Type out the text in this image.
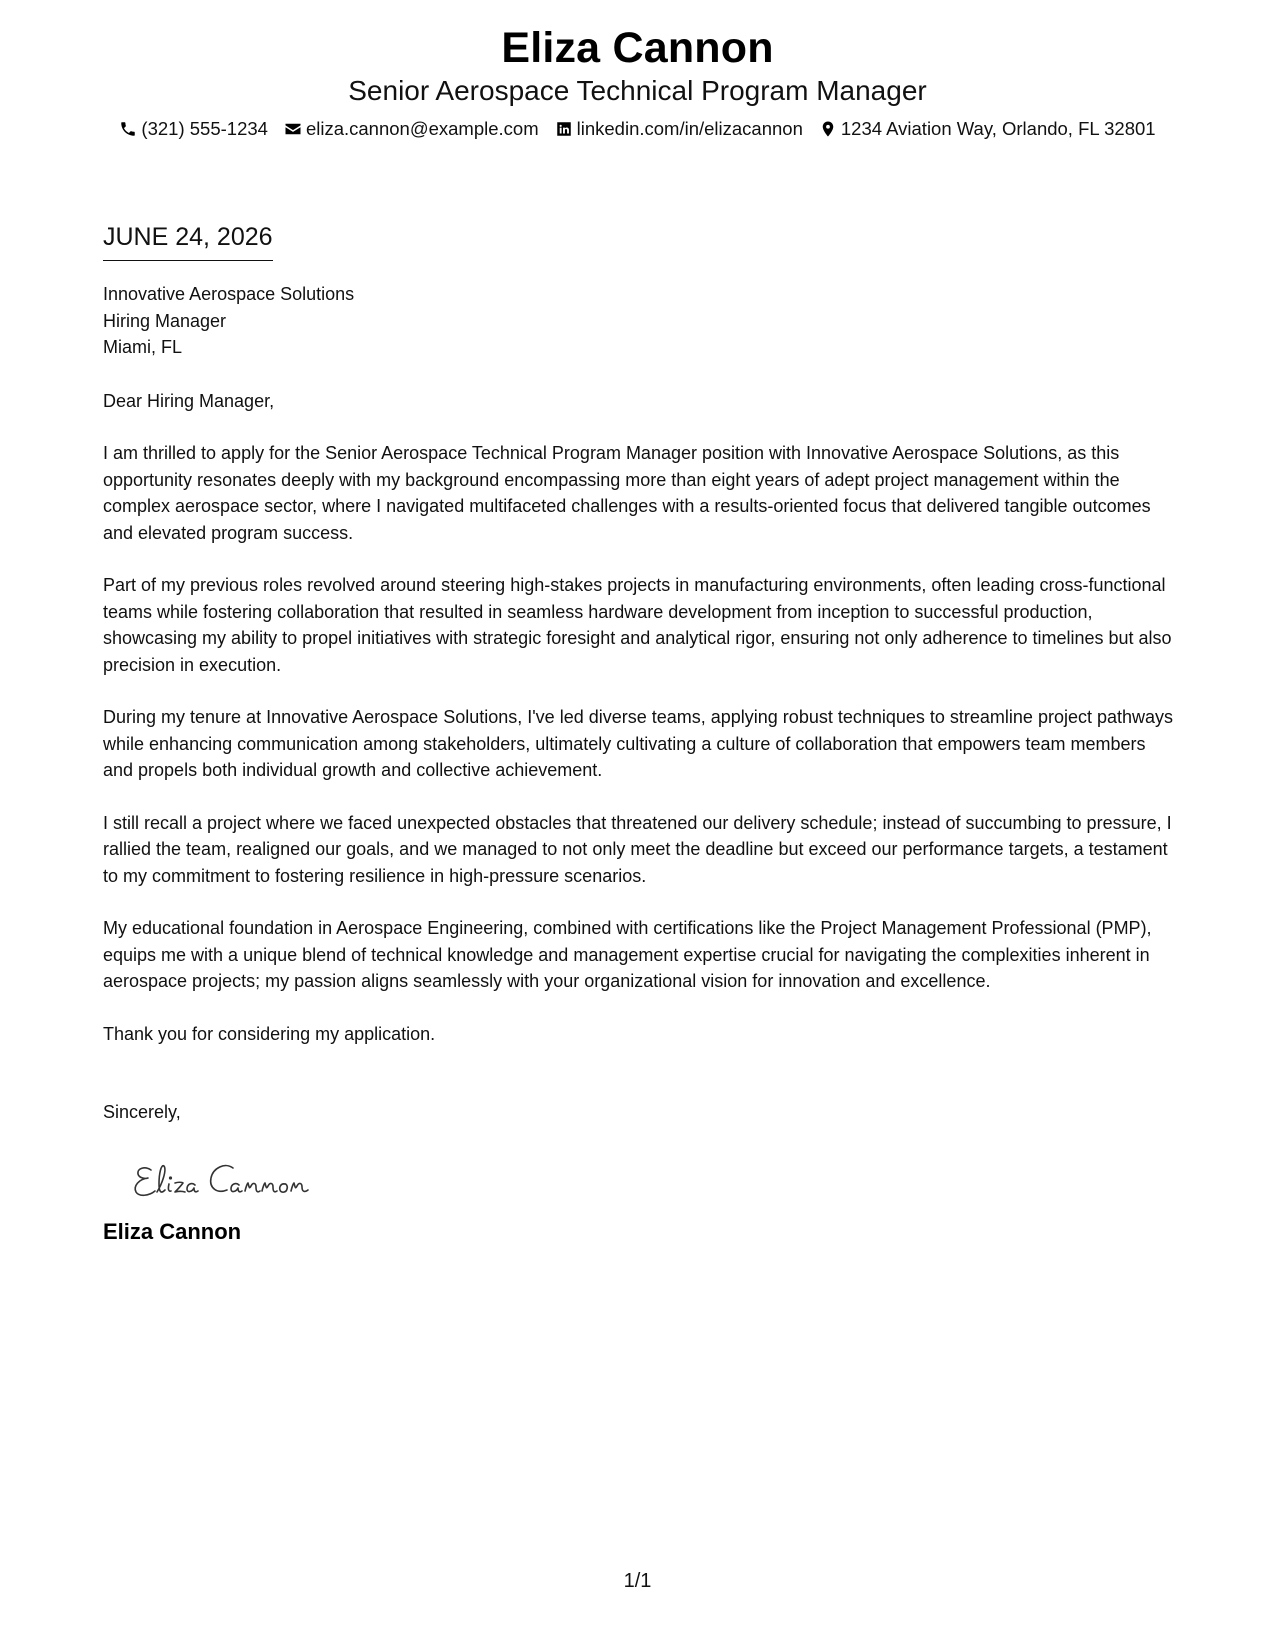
Eliza Cannon
Senior Aerospace Technical Program Manager
(321) 555-1234 eliza.cannon@example.com linkedin.com/in/elizacannon 1234 Aviation Way, Orlando, FL 32801
JUNE 24, 2026
Innovative Aerospace Solutions
Hiring Manager
Miami, FL
Dear Hiring Manager,

I am thrilled to apply for the Senior Aerospace Technical Program Manager position with Innovative Aerospace Solutions, as this opportunity resonates deeply with my background encompassing more than eight years of adept project management within the complex aerospace sector, where I navigated multifaceted challenges with a results-oriented focus that delivered tangible outcomes and elevated program success.

Part of my previous roles revolved around steering high-stakes projects in manufacturing environments, often leading cross-functional teams while fostering collaboration that resulted in seamless hardware development from inception to successful production, showcasing my ability to propel initiatives with strategic foresight and analytical rigor, ensuring not only adherence to timelines but also precision in execution.

During my tenure at Innovative Aerospace Solutions, I've led diverse teams, applying robust techniques to streamline project pathways while enhancing communication among stakeholders, ultimately cultivating a culture of collaboration that empowers team members and propels both individual growth and collective achievement.

I still recall a project where we faced unexpected obstacles that threatened our delivery schedule; instead of succumbing to pressure, I rallied the team, realigned our goals, and we managed to not only meet the deadline but exceed our performance targets, a testament to my commitment to fostering resilience in high-pressure scenarios.

My educational foundation in Aerospace Engineering, combined with certifications like the Project Management Professional (PMP), equips me with a unique blend of technical knowledge and management expertise crucial for navigating the complexities inherent in aerospace projects; my passion aligns seamlessly with your organizational vision for innovation and excellence.

Thank you for considering my application.

Sincerely,
Eliza Cannon
1/1
